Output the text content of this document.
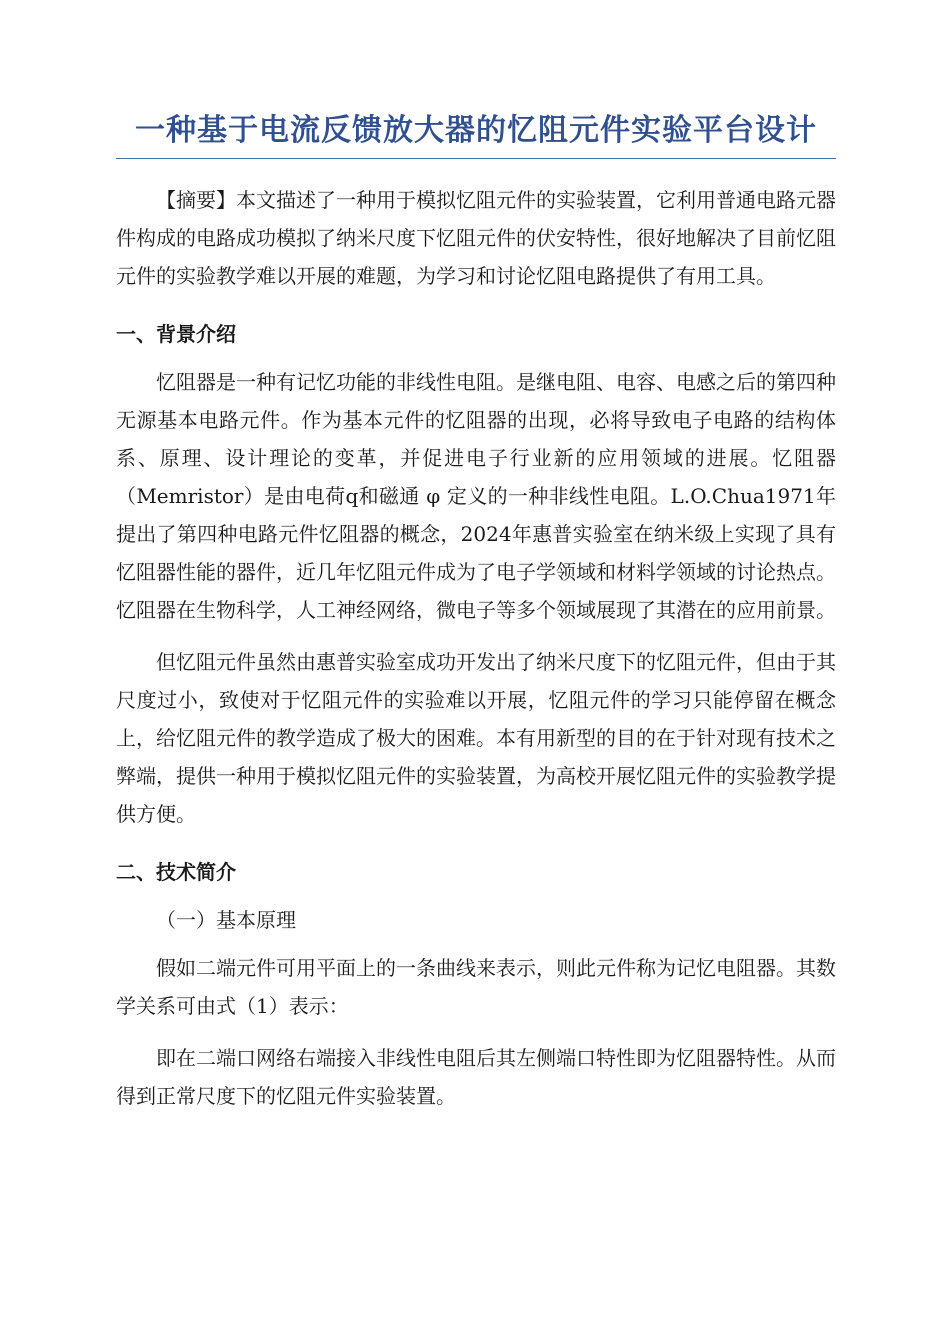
一种基于电流反馈放大器的忆阻元件实验平台设计

【摘要】本文描述了一种用于模拟忆阻元件的实验装置，它利用普通电路元器件构成的电路成功模拟了纳米尺度下忆阻元件的伏安特性，很好地解决了目前忆阻元件的实验教学难以开展的难题，为学习和讨论忆阻电路提供了有用工具。

一、背景介绍

忆阻器是一种有记忆功能的非线性电阻。是继电阻、电容、电感之后的第四种无源基本电路元件。作为基本元件的忆阻器的出现，必将导致电子电路的结构体系、原理、设计理论的变革，并促进电子行业新的应用领域的进展。忆阻器（Memristor）是由电荷q和磁通 φ 定义的一种非线性电阻。L.O.Chua1971年提出了第四种电路元件忆阻器的概念，2024年惠普实验室在纳米级上实现了具有忆阻器性能的器件，近几年忆阻元件成为了电子学领域和材料学领域的讨论热点。忆阻器在生物科学，人工神经网络，微电子等多个领域展现了其潜在的应用前景。

但忆阻元件虽然由惠普实验室成功开发出了纳米尺度下的忆阻元件，但由于其尺度过小，致使对于忆阻元件的实验难以开展，忆阻元件的学习只能停留在概念上，给忆阻元件的教学造成了极大的困难。本有用新型的目的在于针对现有技术之弊端，提供一种用于模拟忆阻元件的实验装置，为高校开展忆阻元件的实验教学提供方便。

二、技术简介
（一）基本原理

假如二端元件可用平面上的一条曲线来表示，则此元件称为记忆电阻器。其数学关系可由式（1）表示：

即在二端口网络右端接入非线性电阻后其左侧端口特性即为忆阻器特性。从而得到正常尺度下的忆阻元件实验装置。
